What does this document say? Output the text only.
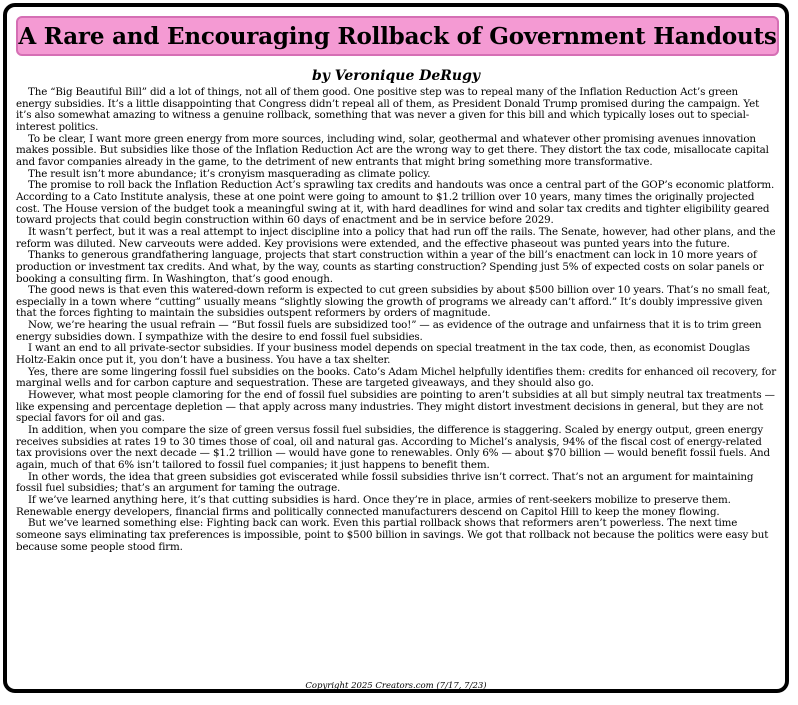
A Rare and Encouraging Rollback of Government Handouts
by Veronique DeRugy

The “Big Beautiful Bill” did a lot of things, not all of them good. One positive step was to repeal many of the Inflation Reduction Act’s green energy subsidies. It’s a little disappointing that Congress didn’t repeal all of them, as President Donald Trump promised during the campaign. Yet it’s also somewhat amazing to witness a genuine rollback, something that was never a given for this bill and which typically loses out to special-interest politics.

To be clear, I want more green energy from more sources, including wind, solar, geothermal and whatever other promising avenues innovation makes possible. But subsidies like those of the Inflation Reduction Act are the wrong way to get there. They distort the tax code, misallocate capital and favor companies already in the game, to the detriment of new entrants that might bring something more transformative.

The result isn’t more abundance; it’s cronyism masquerading as climate policy.

The promise to roll back the Inflation Reduction Act’s sprawling tax credits and handouts was once a central part of the GOP’s economic platform. According to a Cato Institute analysis, these at one point were going to amount to $1.2 trillion over 10 years, many times the originally projected cost. The House version of the budget took a meaningful swing at it, with hard deadlines for wind and solar tax credits and tighter eligibility geared toward projects that could begin construction within 60 days of enactment and be in service before 2029.

It wasn’t perfect, but it was a real attempt to inject discipline into a policy that had run off the rails. The Senate, however, had other plans, and the reform was diluted. New carveouts were added. Key provisions were extended, and the effective phaseout was punted years into the future.

Thanks to generous grandfathering language, projects that start construction within a year of the bill’s enactment can lock in 10 more years of production or investment tax credits. And what, by the way, counts as starting construction? Spending just 5% of expected costs on solar panels or booking a consulting firm. In Washington, that’s good enough.

The good news is that even this watered-down reform is expected to cut green subsidies by about $500 billion over 10 years. That’s no small feat, especially in a town where “cutting” usually means “slightly slowing the growth of programs we already can’t afford.” It’s doubly impressive given that the forces fighting to maintain the subsidies outspent reformers by orders of magnitude.

Now, we’re hearing the usual refrain — “But fossil fuels are subsidized too!” — as evidence of the outrage and unfairness that it is to trim green energy subsidies down. I sympathize with the desire to end fossil fuel subsidies.

I want an end to all private-sector subsidies. If your business model depends on special treatment in the tax code, then, as economist Douglas Holtz-Eakin once put it, you don’t have a business. You have a tax shelter.

Yes, there are some lingering fossil fuel subsidies on the books. Cato’s Adam Michel helpfully identifies them: credits for enhanced oil recovery, for marginal wells and for carbon capture and sequestration. These are targeted giveaways, and they should also go.

However, what most people clamoring for the end of fossil fuel subsidies are pointing to aren’t subsidies at all but simply neutral tax treatments — like expensing and percentage depletion — that apply across many industries. They might distort investment decisions in general, but they are not special favors for oil and gas.

In addition, when you compare the size of green versus fossil fuel subsidies, the difference is staggering. Scaled by energy output, green energy receives subsidies at rates 19 to 30 times those of coal, oil and natural gas. According to Michel’s analysis, 94% of the fiscal cost of energy-related tax provisions over the next decade — $1.2 trillion — would have gone to renewables. Only 6% — about $70 billion — would benefit fossil fuels. And again, much of that 6% isn’t tailored to fossil fuel companies; it just happens to benefit them.

In other words, the idea that green subsidies got eviscerated while fossil subsidies thrive isn’t correct. That’s not an argument for maintaining fossil fuel subsidies; that’s an argument for taming the outrage.

If we’ve learned anything here, it’s that cutting subsidies is hard. Once they’re in place, armies of rent-seekers mobilize to preserve them. Renewable energy developers, financial firms and politically connected manufacturers descend on Capitol Hill to keep the money flowing.

But we’ve learned something else: Fighting back can work. Even this partial rollback shows that reformers aren’t powerless. The next time someone says eliminating tax preferences is impossible, point to $500 billion in savings. We got that rollback not because the politics were easy but because some people stood firm.

Copyright 2025 Creators.com (7/17, 7/23)
